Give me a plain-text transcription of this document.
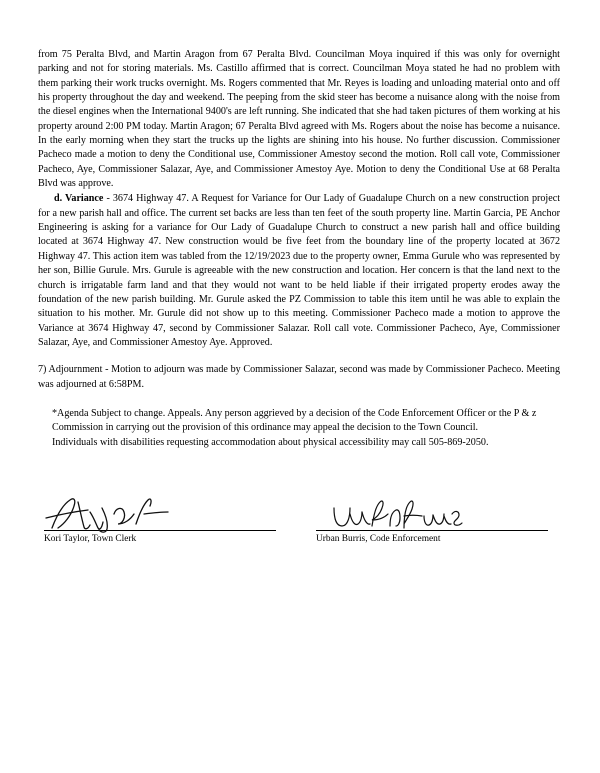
from 75 Peralta Blvd, and Martin Aragon from 67 Peralta Blvd. Councilman Moya inquired if this was only for overnight parking and not for storing materials. Ms. Castillo affirmed that is correct. Councilman Moya stated he had no problem with them parking their work trucks overnight. Ms. Rogers commented that Mr. Reyes is loading and unloading material onto and off his property throughout the day and weekend. The peeping from the skid steer has become a nuisance along with the noise from the diesel engines when the International 9400's are left running. She indicated that she had taken pictures of them working at his property around 2:00 PM today. Martin Aragon; 67 Peralta Blvd agreed with Ms. Rogers about the noise has become a nuisance. In the early morning when they start the trucks up the lights are shining into his house. No further discussion. Commissioner Pacheco made a motion to deny the Conditional use, Commissioner Amestoy second the motion. Roll call vote, Commissioner Pacheco, Aye, Commissioner Salazar, Aye, and Commissioner Amestoy Aye. Motion to deny the Conditional Use at 68 Peralta Blvd was approve.

d. Variance - 3674 Highway 47. A Request for Variance for Our Lady of Guadalupe Church on a new construction project for a new parish hall and office. The current set backs are less than ten feet of the south property line. Martin Garcia, PE Anchor Engineering is asking for a variance for Our Lady of Guadalupe Church to construct a new parish hall and office building located at 3674 Highway 47. New construction would be five feet from the boundary line of the property located at 3672 Highway 47. This action item was tabled from the 12/19/2023 due to the property owner, Emma Gurule who was represented by her son, Billie Gurule. Mrs. Gurule is agreeable with the new construction and location. Her concern is that the land next to the church is irrigatable farm land and that they would not want to be held liable if their irrigated property erodes away the foundation of the new parish building. Mr. Gurule asked the PZ Commission to table this item until he was able to explain the situation to his mother. Mr. Gurule did not show up to this meeting. Commissioner Pacheco made a motion to approve the Variance at 3674 Highway 47, second by Commissioner Salazar. Roll call vote. Commissioner Pacheco, Aye, Commissioner Salazar, Aye, and Commissioner Amestoy Aye. Approved.

7) Adjournment - Motion to adjourn was made by Commissioner Salazar, second was made by Commissioner Pacheco. Meeting was adjourned at 6:58PM.

*Agenda Subject to change. Appeals. Any person aggrieved by a decision of the Code Enforcement Officer or the P & z

Commission in carrying out the provision of this ordinance may appeal the decision to the Town Council.

Individuals with disabilities requesting accommodation about physical accessibility may call 505-869-2050.

Kori Taylor, Town Clerk	Urban Burris, Code Enforcement
